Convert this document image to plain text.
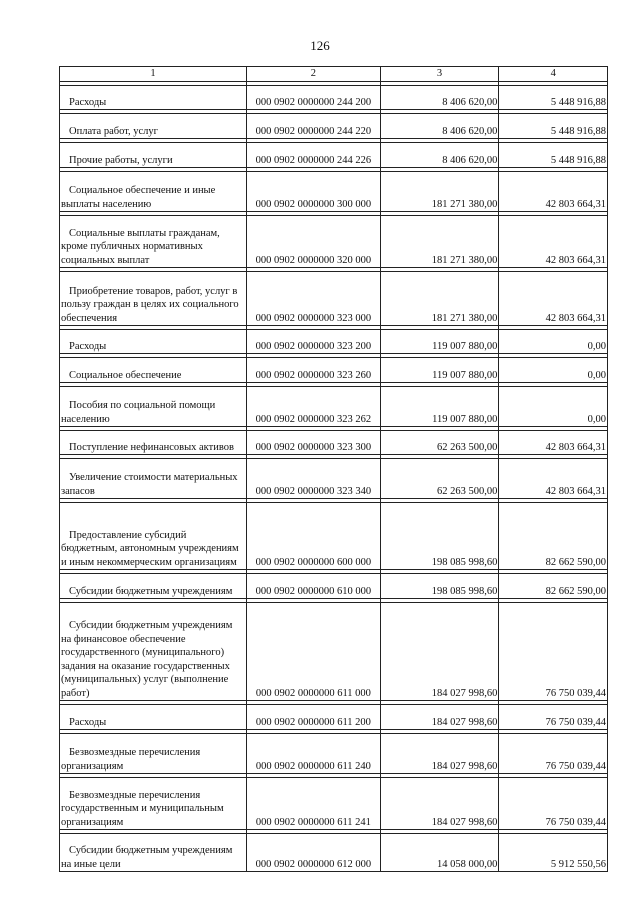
126
1	2	3	4

Расходы	000 0902 0000000 244 200	8 406 620,00	5 448 916,88

Оплата работ, услуг	000 0902 0000000 244 220	8 406 620,00	5 448 916,88

Прочие работы, услуги	000 0902 0000000 244 226	8 406 620,00	5 448 916,88

Социальное обеспечение и иные выплаты населению	000 0902 0000000 300 000	181 271 380,00	42 803 664,31

Социальные выплаты гражданам, кроме публичных нормативных социальных выплат	000 0902 0000000 320 000	181 271 380,00	42 803 664,31

Приобретение товаров, работ, услуг в пользу граждан в целях их социального обеспечения	000 0902 0000000 323 000	181 271 380,00	42 803 664,31

Расходы	000 0902 0000000 323 200	119 007 880,00	0,00

Социальное обеспечение	000 0902 0000000 323 260	119 007 880,00	0,00

Пособия по социальной помощи населению	000 0902 0000000 323 262	119 007 880,00	0,00

Поступление нефинансовых активов	000 0902 0000000 323 300	62 263 500,00	42 803 664,31

Увеличение стоимости материальных запасов	000 0902 0000000 323 340	62 263 500,00	42 803 664,31

Предоставление субсидий бюджетным, автономным учреждениям и иным некоммерческим организациям	000 0902 0000000 600 000	198 085 998,60	82 662 590,00

Субсидии бюджетным учреждениям	000 0902 0000000 610 000	198 085 998,60	82 662 590,00

Субсидии бюджетным учреждениям на финансовое обеспечение государственного (муниципального) задания на оказание государственных (муниципальных) услуг (выполнение работ)	000 0902 0000000 611 000	184 027 998,60	76 750 039,44

Расходы	000 0902 0000000 611 200	184 027 998,60	76 750 039,44

Безвозмездные перечисления организациям	000 0902 0000000 611 240	184 027 998,60	76 750 039,44

Безвозмездные перечисления государственным и муниципальным организациям	000 0902 0000000 611 241	184 027 998,60	76 750 039,44

Субсидии бюджетным учреждениям на иные цели	000 0902 0000000 612 000	14 058 000,00	5 912 550,56
